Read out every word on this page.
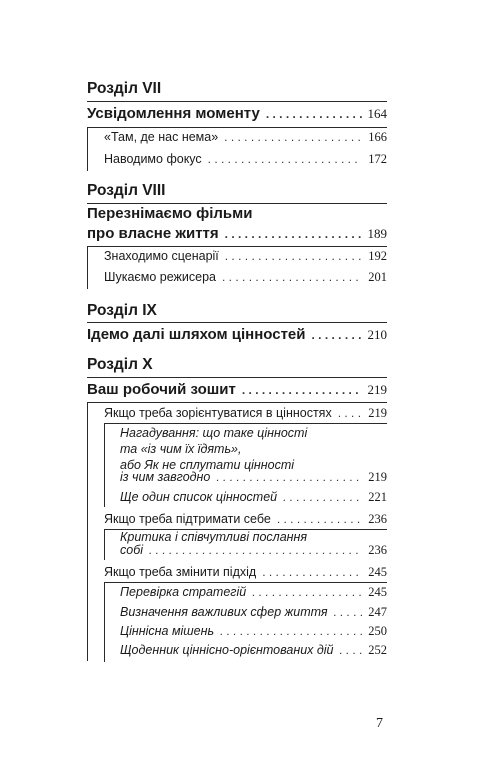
Розділ VII
Усвідомлення моменту . . .	164
«Там, де нас нема» . . .	166
Наводимо фокус . . .	172
Розділ VIII
Перезнімаємо фільми
про власне життя . . .	189
Знаходимо сценарії . . .	192
Шукаємо режисера . . .	201
Розділ IX
Ідемо далі шляхом цінностей . . .	210
Розділ X
Ваш робочий зошит . . .	219
Якщо треба зорієнтуватися в цінностях . . .	219
Нагадування: що таке цінності
та «із чим їх їдять»,
або Як не сплутати цінності
із чим завгодно . . .	219
Ще один список цінностей . . .	221
Якщо треба підтримати себе . . .	236
Критика і співчутливі послання
собі . . .	236
Якщо треба змінити підхід . . .	245
Перевірка стратегій . . .	245
Визначення важливих сфер життя . . .	247
Ціннісна мішень . . .	250
Щоденник ціннісно-орієнтованих дій . . .	252
7
